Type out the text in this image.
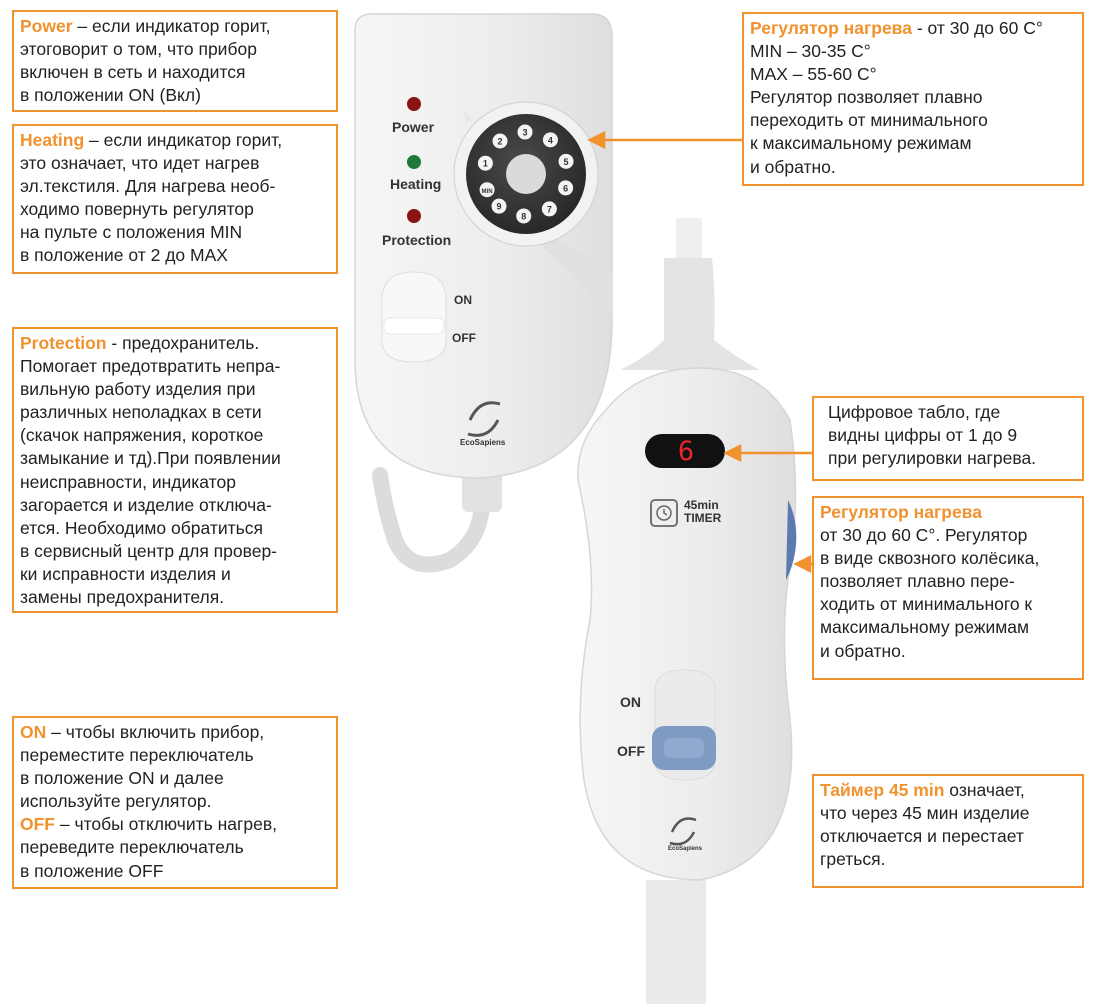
MIN
1
2
3
4
5
6
7
8
9
Power
Heating
Protection
ON
OFF
EcoSapiens	6
45min
TIMER
ON
OFF
EcoSapiens
Power – если индикатор горит,
этоговорит о том, что прибор
включен в сеть и находится
в положении ON (Вкл)
Heating – если индикатор горит,
это означает, что идет нагрев
эл.текстиля. Для нагрева необ-
ходимо повернуть регулятор
на пульте с положения MIN
в положение от 2 до MAX
Protection - предохранитель.
Помогает предотвратить непра-
вильную работу изделия при
различных неполадках в сети
(скачок напряжения, короткое
замыкание и тд).При появлении
неисправности, индикатор
загорается и изделие отключа-
ется. Необходимо обратиться
в сервисный центр для провер-
ки исправности изделия и
замены предохранителя.
ON – чтобы включить прибор,
переместите переключатель
в положение ON и далее
используйте регулятор.
OFF – чтобы отключить нагрев,
переведите переключатель
в положение OFF
Регулятор нагрева - от 30 до 60 С°
MIN – 30-35 С°
MAX – 55-60 С°
Регулятор позволяет плавно
переходить от минимального
к максимальному режимам
и обратно.
Цифровое табло, где
видны цифры от 1 до 9
при регулировки нагрева.
Регулятор нагрева
от 30 до 60 С°. Регулятор
в виде сквозного колёсика,
позволяет плавно пере-
ходить от минимального к
максимальному режимам
и обратно.
Таймер 45 min означает,
что через 45 мин изделие
отключается и перестает
греться.
